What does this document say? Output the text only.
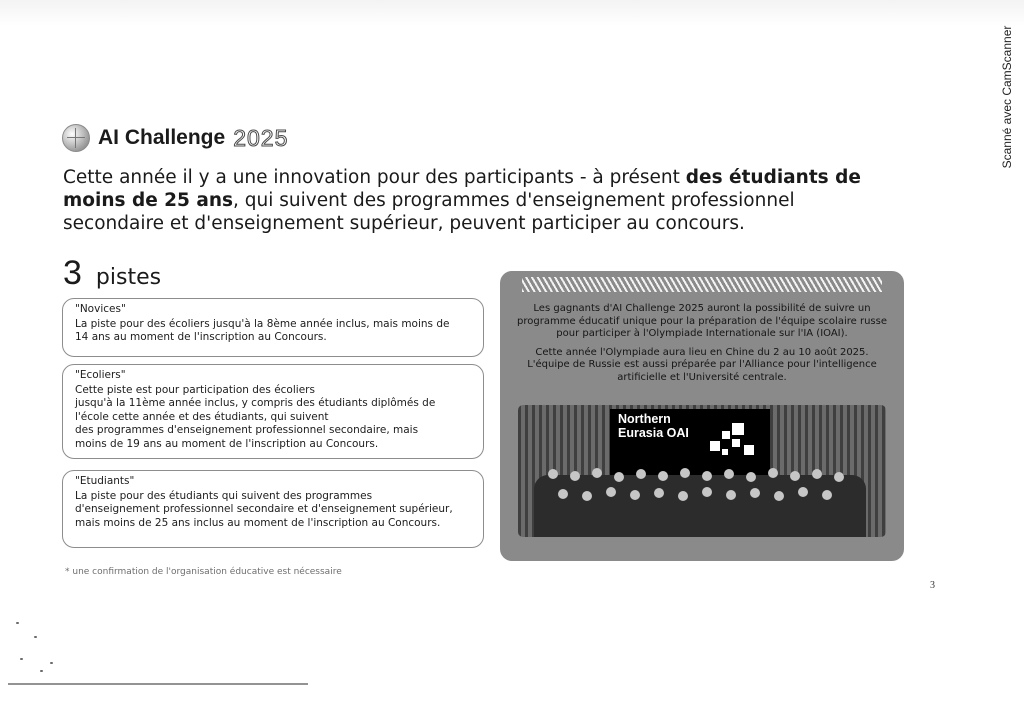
Scanné avec CamScanner
AI Challenge 2025
Cette année il y a une innovation pour des participants - à présent des étudiants de moins de 25 ans, qui suivent des programmes d'enseignement professionnel secondaire et d'enseignement supérieur, peuvent participer au concours.
3 pistes
"Novices"
La piste pour des écoliers jusqu'à la 8ème année inclus, mais moins de
14 ans au moment de l'inscription au Concours.
"Ecoliers"
Cette piste est pour participation des écoliers
jusqu'à la 11ème année inclus, y compris des étudiants diplômés de
l'école cette année et des étudiants, qui suivent
des programmes d'enseignement professionnel secondaire, mais
moins de 19 ans au moment de l'inscription au Concours.
"Etudiants"
La piste pour des étudiants qui suivent des programmes
d'enseignement professionnel secondaire et d'enseignement supérieur,
mais moins de 25 ans inclus au moment de l'inscription au Concours.
* une confirmation de l'organisation éducative est nécessaire
3

Les gagnants d'AI Challenge 2025 auront la possibilité de suivre un programme éducatif unique pour la préparation de l'équipe scolaire russe pour participer à l'Olympiade Internationale sur l'IA (IOAI).

Cette année l'Olympiade aura lieu en Chine du 2 au 10 août 2025. L'équipe de Russie est aussi préparée par l'Alliance pour l'intelligence artificielle et l'Université centrale.

Northern
Eurasia OAI
